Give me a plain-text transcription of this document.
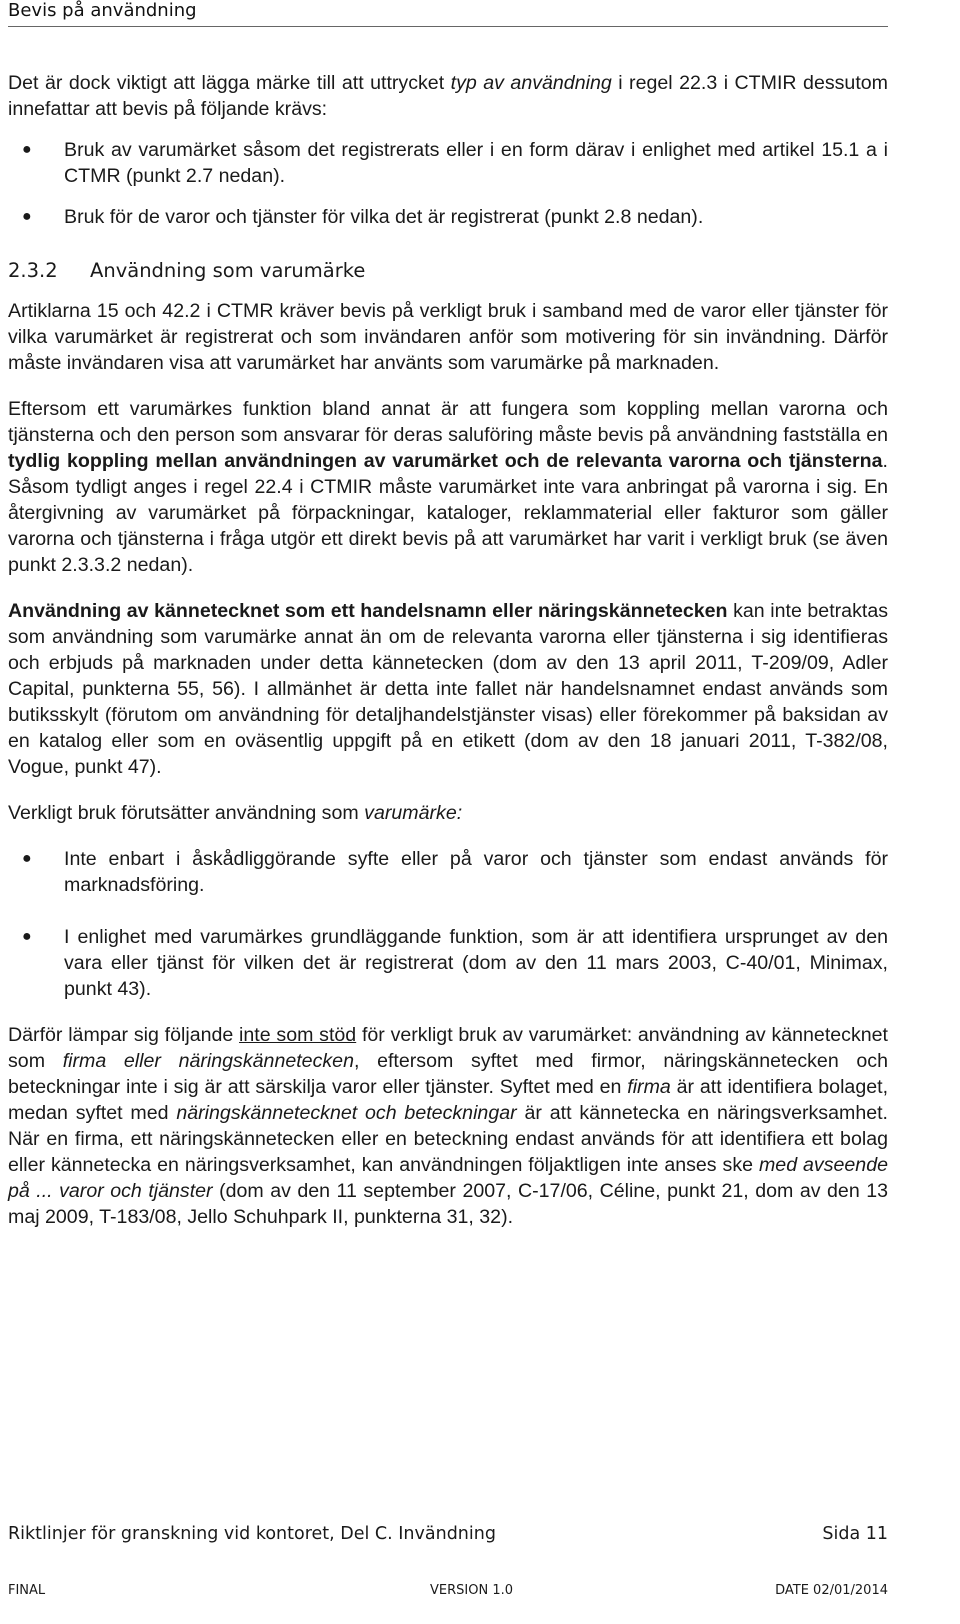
Bevis på användning

Det är dock viktigt att lägga märke till att uttrycket typ av användning i regel 22.3 i CTMIR dessutom innefattar att bevis på följande krävs:

● Bruk av varumärket såsom det registrerats eller i en form därav i enlighet med artikel 15.1 a i CTMR (punkt 2.7 nedan).
● Bruk för de varor och tjänster för vilka det är registrerat (punkt 2.8 nedan).
2.3.2 Användning som varumärke

Artiklarna 15 och 42.2 i CTMR kräver bevis på verkligt bruk i samband med de varor eller tjänster för vilka varumärket är registrerat och som invändaren anför som motivering för sin invändning. Därför måste invändaren visa att varumärket har använts som varumärke på marknaden.

Eftersom ett varumärkes funktion bland annat är att fungera som koppling mellan varorna och tjänsterna och den person som ansvarar för deras saluföring måste bevis på användning fastställa en tydlig koppling mellan användningen av varumärket och de relevanta varorna och tjänsterna. Såsom tydligt anges i regel 22.4 i CTMIR måste varumärket inte vara anbringat på varorna i sig. En återgivning av varumärket på förpackningar, kataloger, reklammaterial eller fakturor som gäller varorna och tjänsterna i fråga utgör ett direkt bevis på att varumärket har varit i verkligt bruk (se även punkt 2.3.3.2 nedan).

Användning av kännetecknet som ett handelsnamn eller näringskännetecken kan inte betraktas som användning som varumärke annat än om de relevanta varorna eller tjänsterna i sig identifieras och erbjuds på marknaden under detta kännetecken (dom av den 13 april 2011, T-209/09, Adler Capital, punkterna 55, 56). I allmänhet är detta inte fallet när handelsnamnet endast används som butiksskylt (förutom om användning för detaljhandelstjänster visas) eller förekommer på baksidan av en katalog eller som en oväsentlig uppgift på en etikett (dom av den 18 januari 2011, T-382/08, Vogue, punkt 47).

Verkligt bruk förutsätter användning som varumärke:

● Inte enbart i åskådliggörande syfte eller på varor och tjänster som endast används för marknadsföring.
● I enlighet med varumärkes grundläggande funktion, som är att identifiera ursprunget av den vara eller tjänst för vilken det är registrerat (dom av den 11 mars 2003, C-40/01, Minimax, punkt 43).

Därför lämpar sig följande inte som stöd för verkligt bruk av varumärket: användning av kännetecknet som firma eller näringskännetecken, eftersom syftet med firmor, näringskännetecken och beteckningar inte i sig är att särskilja varor eller tjänster. Syftet med en firma är att identifiera bolaget, medan syftet med näringskännetecknet och beteckningar är att kännetecka en näringsverksamhet. När en firma, ett näringskännetecken eller en beteckning endast används för att identifiera ett bolag eller kännetecka en näringsverksamhet, kan användningen följaktligen inte anses ske med avseende på ... varor och tjänster (dom av den 11 september 2007, C-17/06, Céline, punkt 21, dom av den 13 maj 2009, T-183/08, Jello Schuhpark II, punkterna 31, 32).

Riktlinjer för granskning vid kontoret, Del C. Invändning	Sida 11
FINAL	VERSION 1.0	DATE 02/01/2014
